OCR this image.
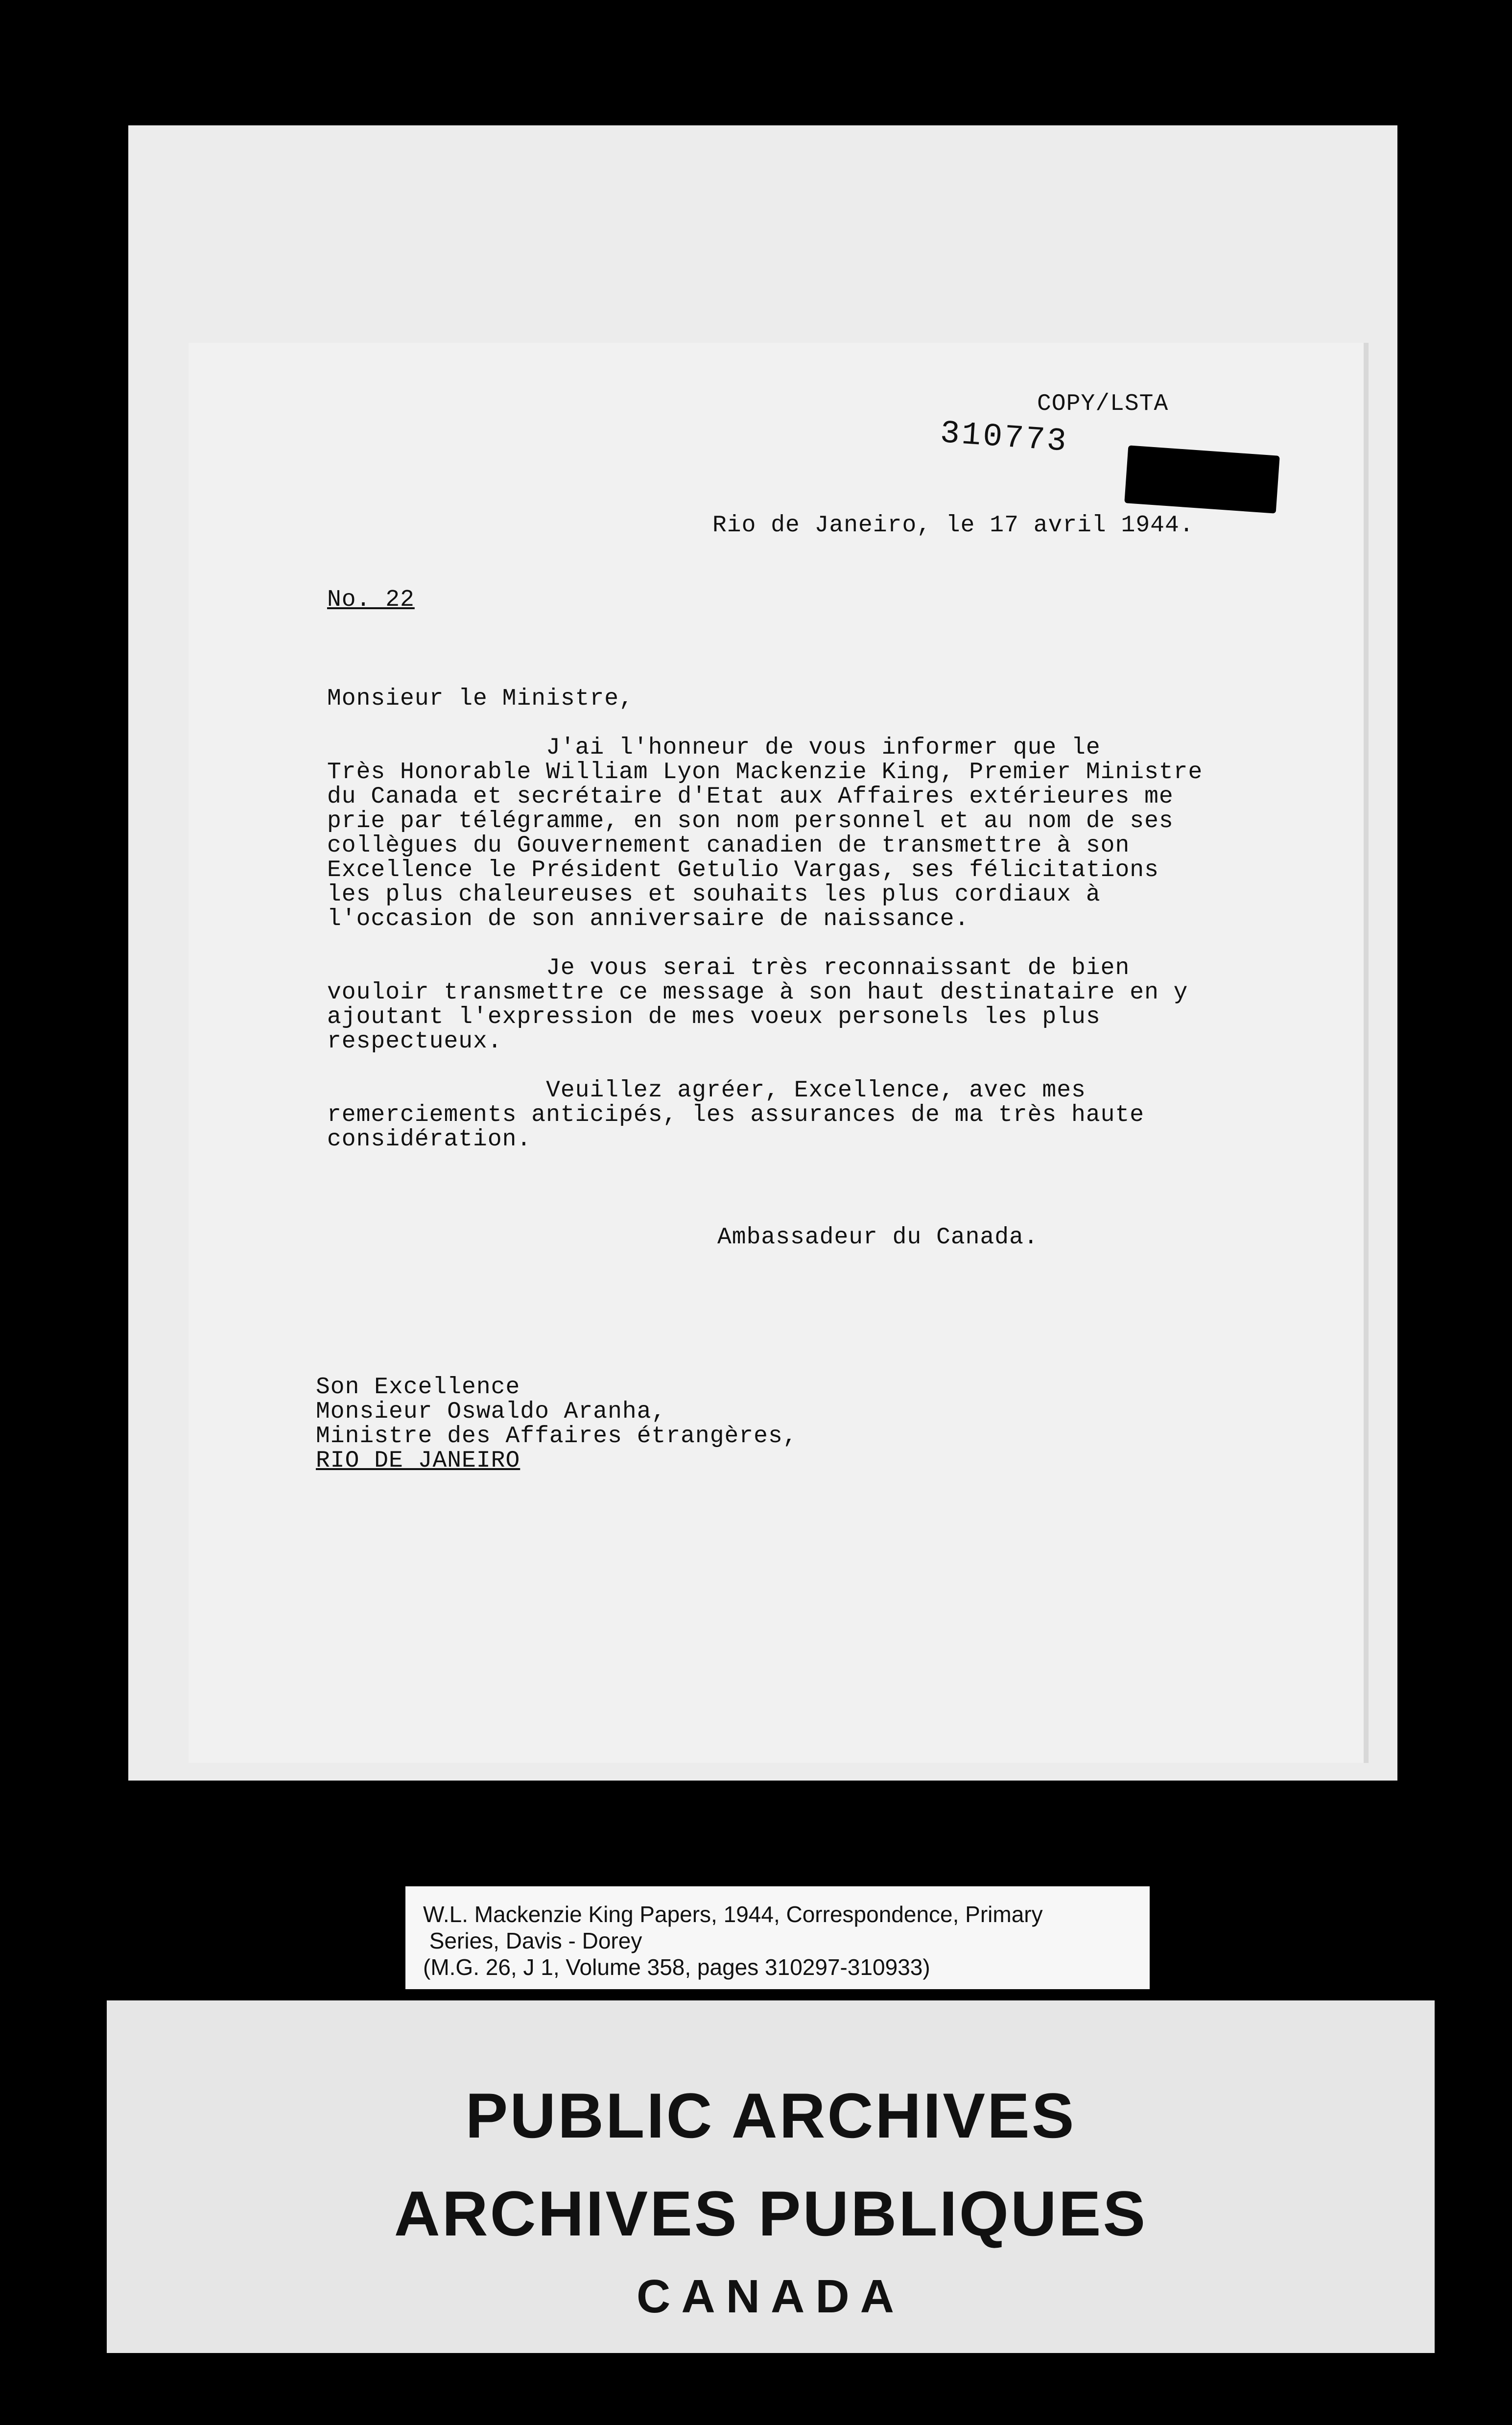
COPY/LSTA
310773
Rio de Janeiro, le 17 avril 1944.
No. 22
Monsieur le Ministre,
J'ai l'honneur de vous informer que le
Très Honorable William Lyon Mackenzie King, Premier Ministre
du Canada et secrétaire d'Etat aux Affaires extérieures me
prie par télégramme, en son nom personnel et au nom de ses
collègues du Gouvernement canadien de transmettre à son
Excellence le Président Getulio Vargas, ses félicitations
les plus chaleureuses et souhaits les plus cordiaux à
l'occasion de son anniversaire de naissance.
Je vous serai très reconnaissant de bien
vouloir transmettre ce message à son haut destinataire en y
ajoutant l'expression de mes voeux personels les plus
respectueux.
Veuillez agréer, Excellence, avec mes
remerciements anticipés, les assurances de ma très haute
considération.
Ambassadeur du Canada.
Son Excellence
Monsieur Oswaldo Aranha,
Ministre des Affaires étrangères,
RIO DE JANEIRO
W.L. Mackenzie King Papers, 1944, Correspondence, Primary
Series, Davis - Dorey
(M.G. 26, J 1, Volume 358, pages 310297-310933)
PUBLIC ARCHIVES
ARCHIVES PUBLIQUES
CANADA
